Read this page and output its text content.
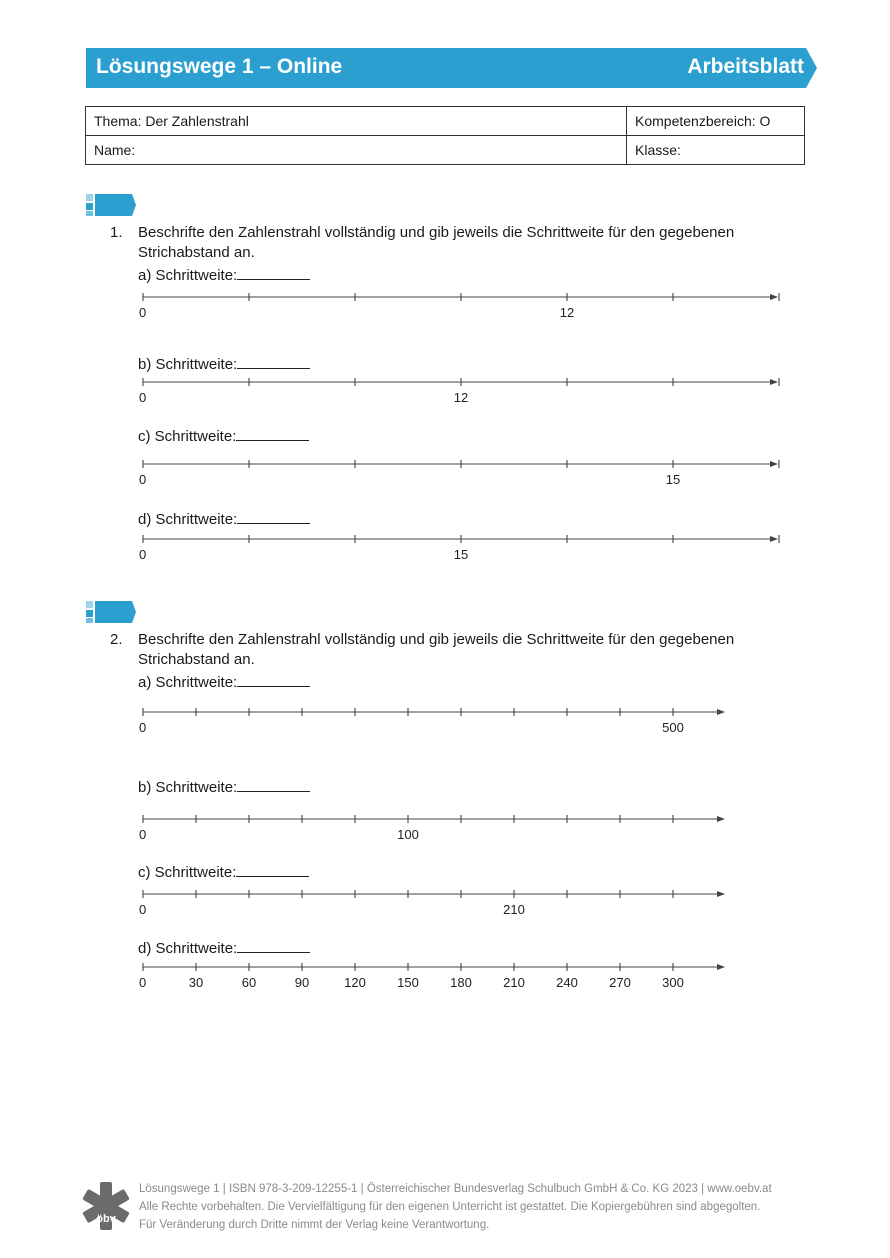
Lösungswege 1 – Online	Arbeitsblatt
Thema: Der Zahlenstrahl	Kompetenzbereich: O
Name:	Klasse:
1. Beschrifte den Zahlenstrahl vollständig und gib jeweils die Schrittweite für den gegebenen Strichabstand an.
a) Schrittweite:
b) Schrittweite:
c) Schrittweite:
d) Schrittweite:
2. Beschrifte den Zahlenstrahl vollständig und gib jeweils die Schrittweite für den gegebenen Strichabstand an.
a) Schrittweite:
b) Schrittweite:
c) Schrittweite:
d) Schrittweite:
0	12
0	12
0	15
0	15
0	500
0	100
0	210
0	30	60	90	120 150 180 210 240 270 300
öbv
Lösungswege 1 | ISBN 978-3-209-12255-1 | Österreichischer Bundesverlag Schulbuch GmbH & Co. KG 2023 | www.oebv.at
Alle Rechte vorbehalten. Die Vervielfältigung für den eigenen Unterricht ist gestattet. Die Kopiergebühren sind abgegolten.
Für Veränderung durch Dritte nimmt der Verlag keine Verantwortung.
